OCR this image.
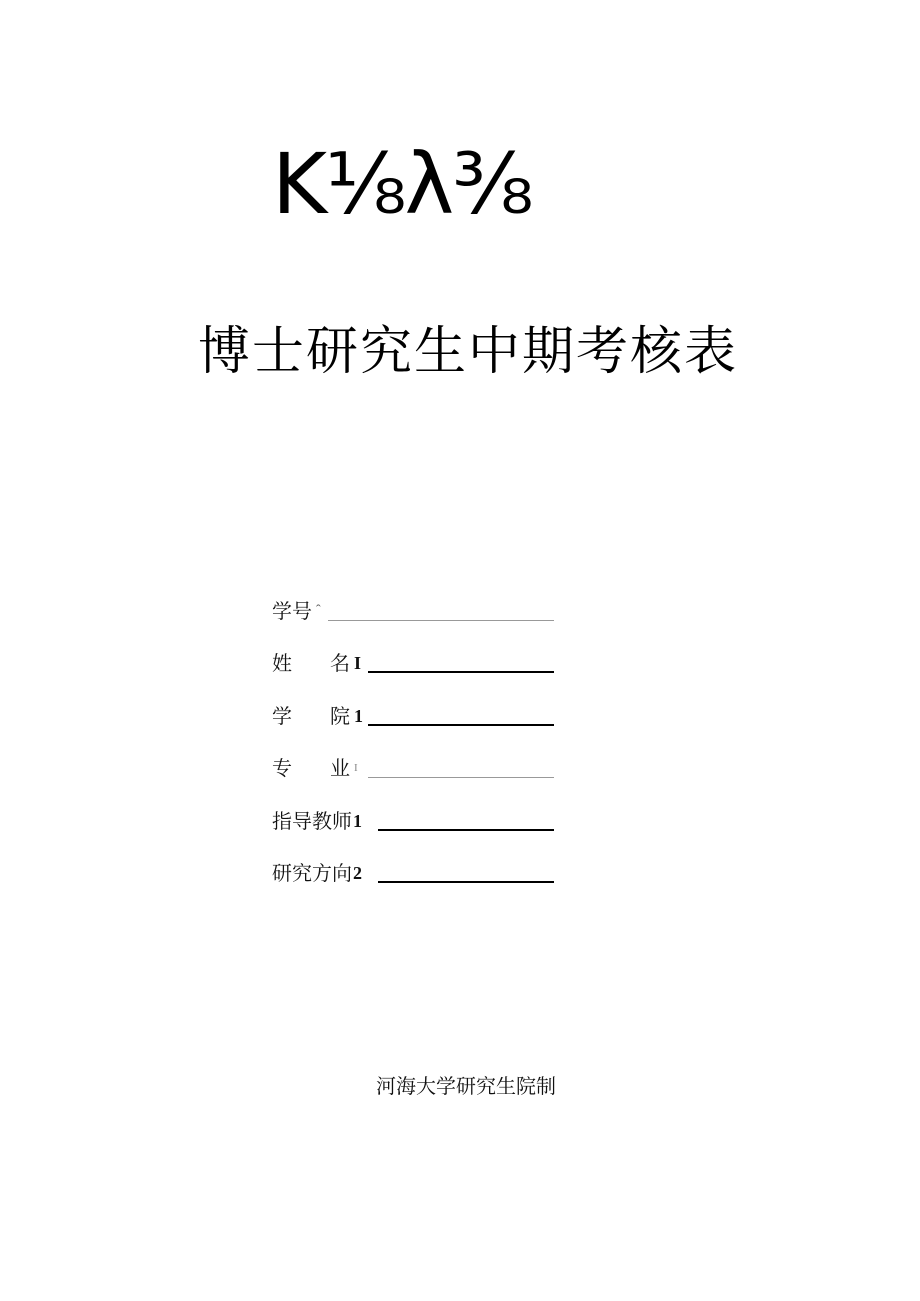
K⅛λ⅜
博士研究生中期考核表
学号 ˆ
姓 名 I
学 院 1
专 业 I
指导教师 1
研究方向 2
河海大学研究生院制
